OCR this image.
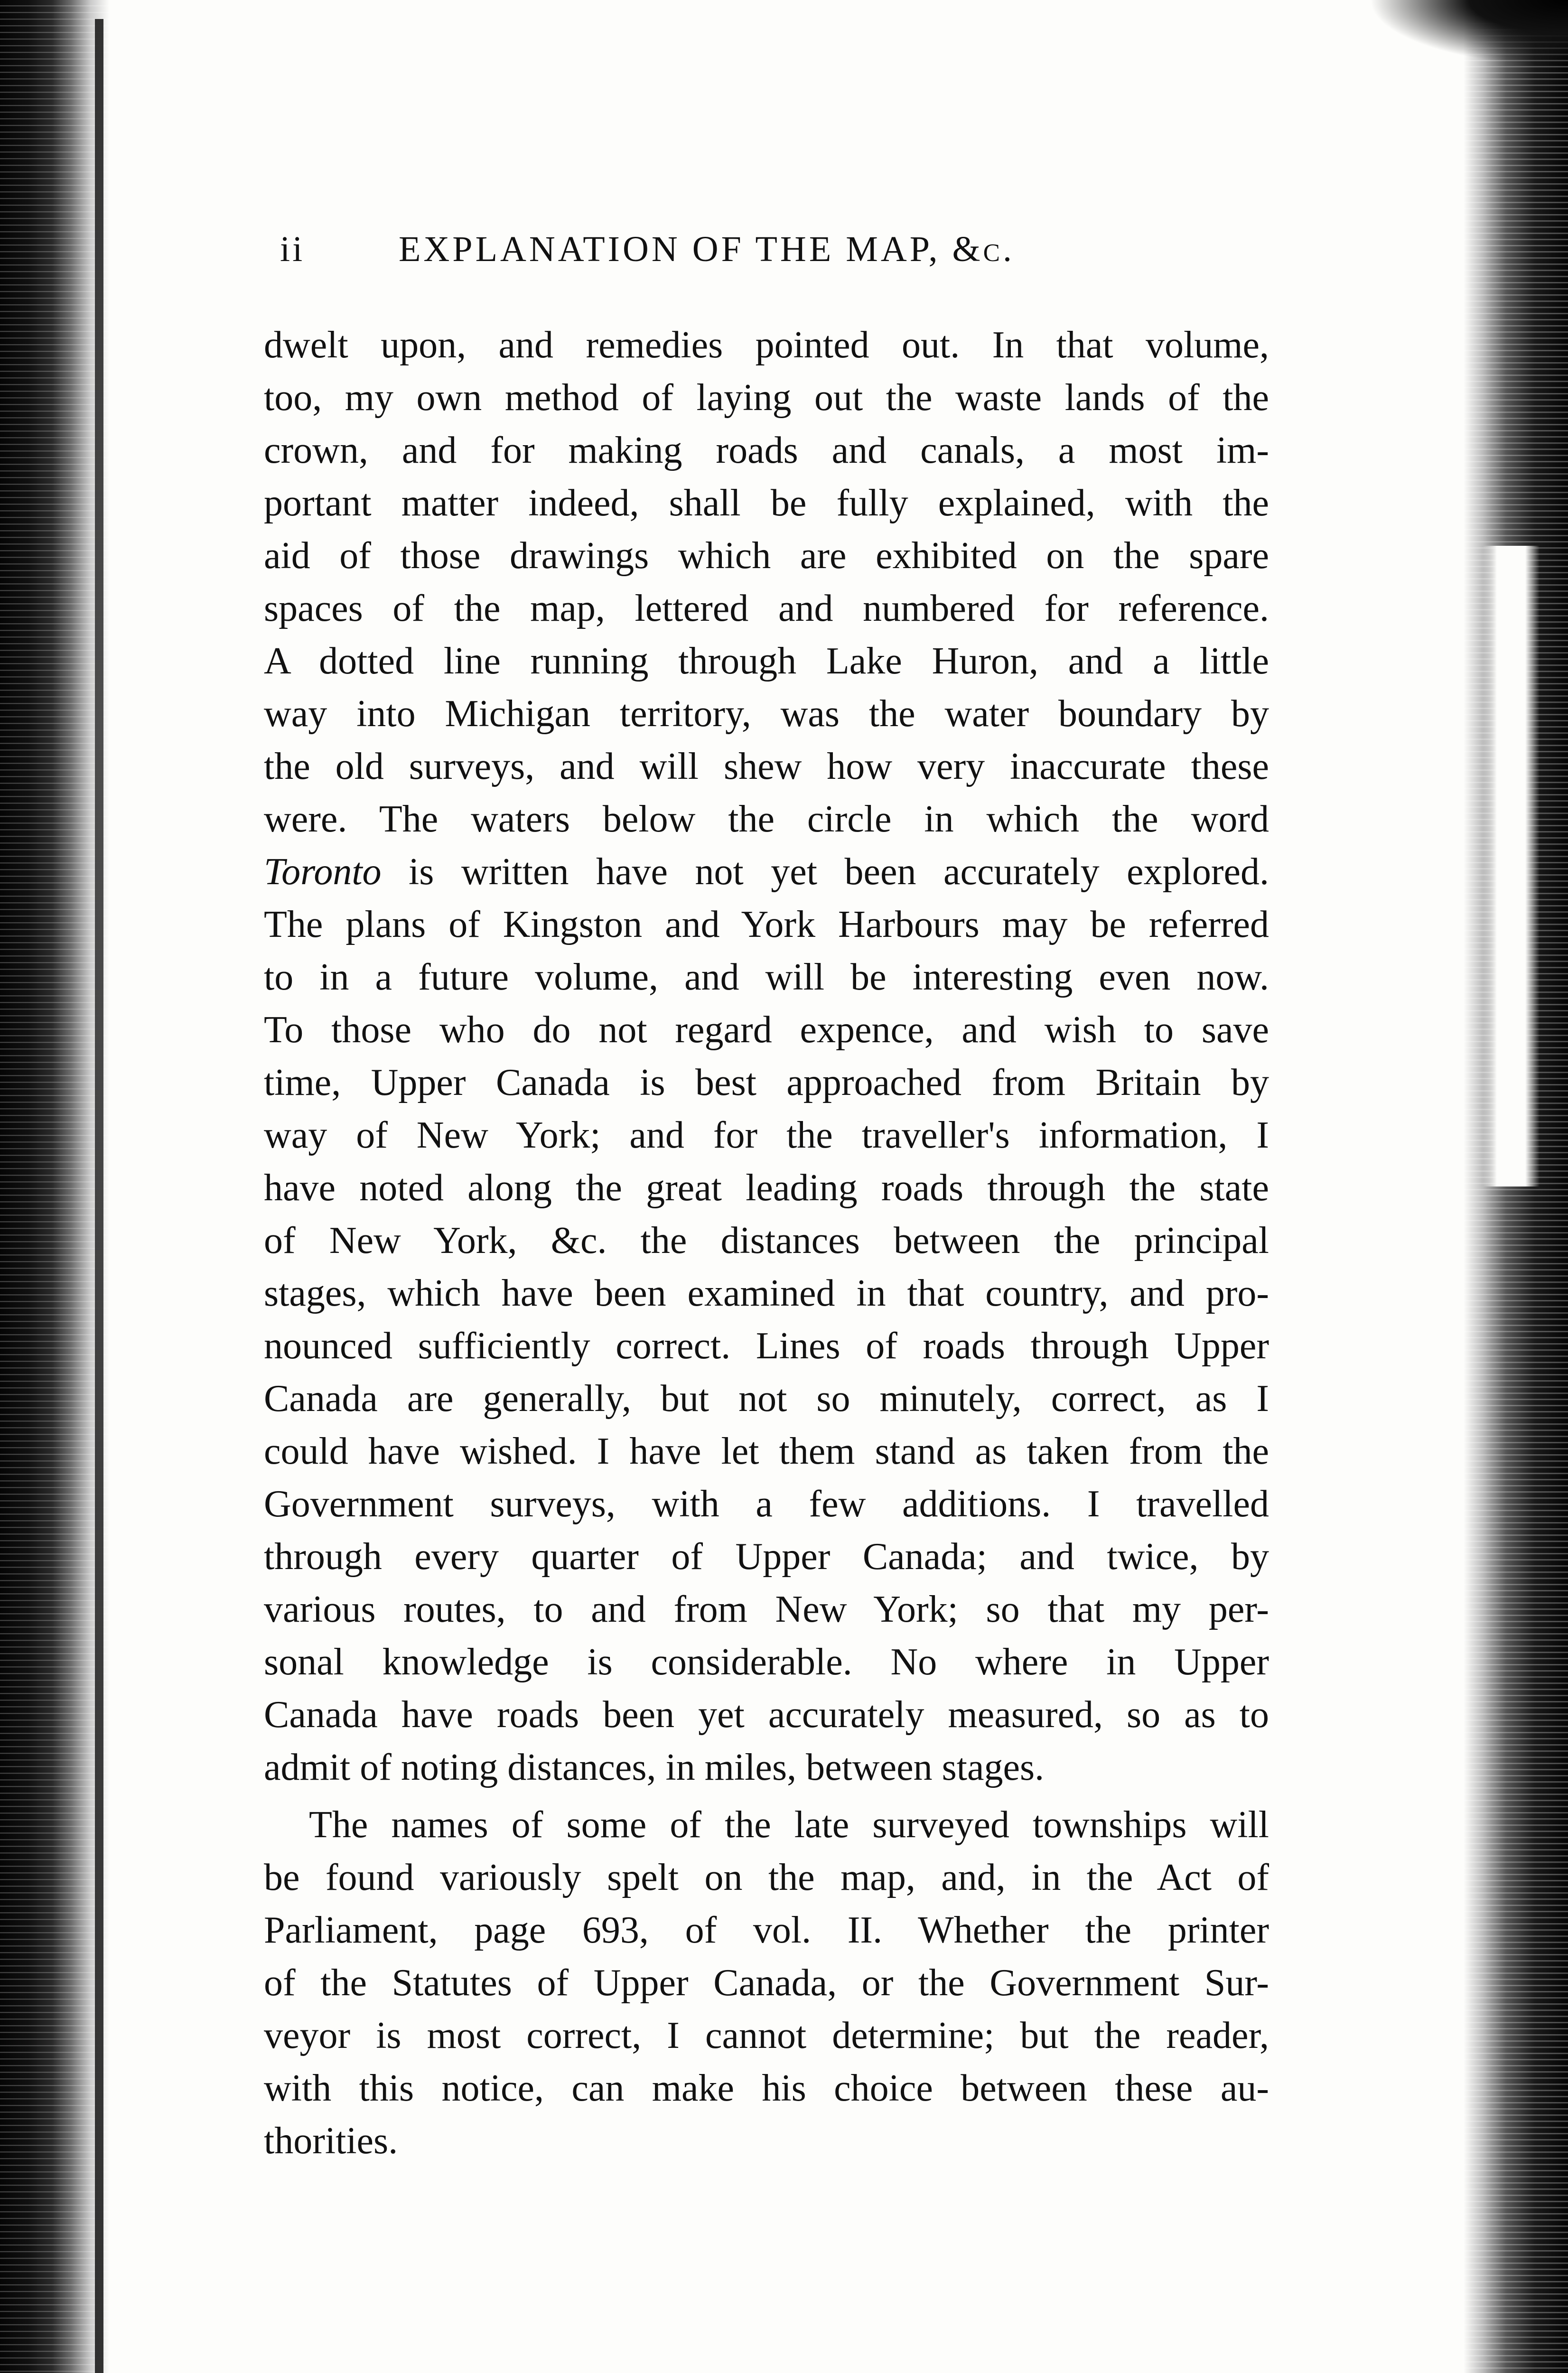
ii	EXPLANATION OF THE MAP, &c.
dwelt upon, and remedies pointed out. In that volume,
too, my own method of laying out the waste lands of the
crown, and for making roads and canals, a most im-
portant matter indeed, shall be fully explained, with the
aid of those drawings which are exhibited on the spare
spaces of the map, lettered and numbered for reference.
A dotted line running through Lake Huron, and a little
way into Michigan territory, was the water boundary by
the old surveys, and will shew how very inaccurate these
were. The waters below the circle in which the word
Toronto is written have not yet been accurately explored.
The plans of Kingston and York Harbours may be referred
to in a future volume, and will be interesting even now.
To those who do not regard expence, and wish to save
time, Upper Canada is best approached from Britain by
way of New York; and for the traveller's information, I
have noted along the great leading roads through the state
of New York, &c. the distances between the principal
stages, which have been examined in that country, and pro-
nounced sufficiently correct. Lines of roads through Upper
Canada are generally, but not so minutely, correct, as I
could have wished. I have let them stand as taken from the
Government surveys, with a few additions. I travelled
through every quarter of Upper Canada; and twice, by
various routes, to and from New York; so that my per-
sonal knowledge is considerable. No where in Upper
Canada have roads been yet accurately measured, so as to
admit of noting distances, in miles, between stages.
The names of some of the late surveyed townships will
be found variously spelt on the map, and, in the Act of
Parliament, page 693, of vol. II. Whether the printer
of the Statutes of Upper Canada, or the Government Sur-
veyor is most correct, I cannot determine; but the reader,
with this notice, can make his choice between these au-
thorities.
